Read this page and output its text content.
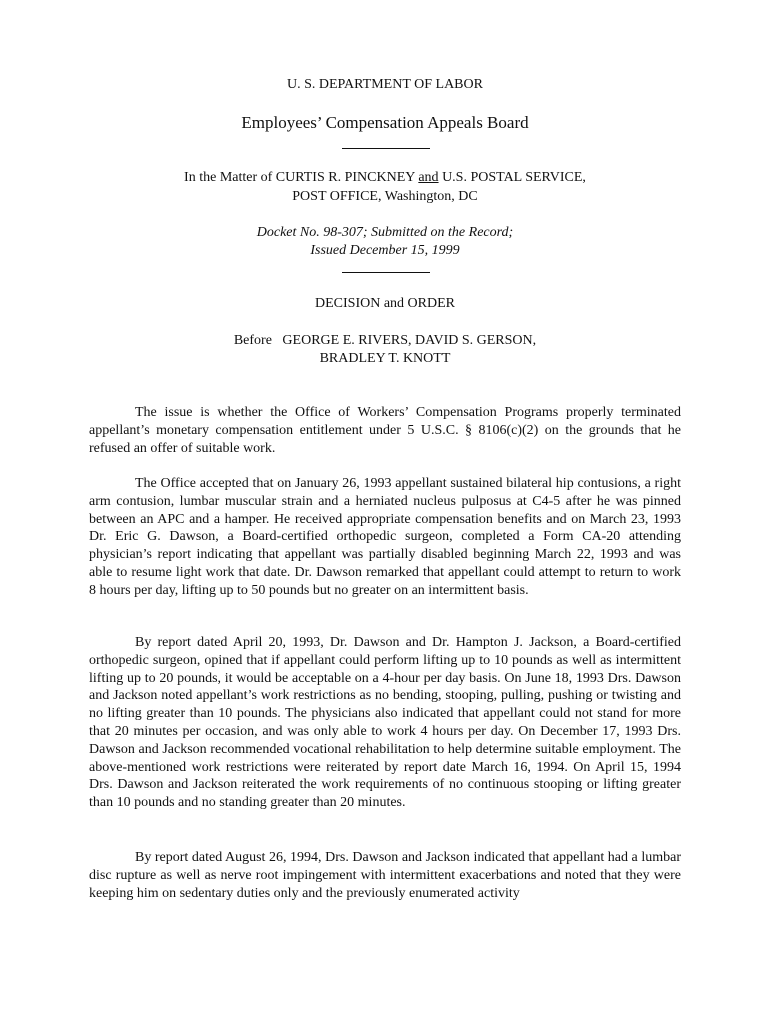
U. S. DEPARTMENT OF LABOR

Employees’ Compensation Appeals Board

In the Matter of CURTIS R. PINCKNEY and U.S. POSTAL SERVICE,

POST OFFICE, Washington, DC

Docket No. 98-307; Submitted on the Record;

Issued December 15, 1999

DECISION and ORDER

Before   GEORGE E. RIVERS, DAVID S. GERSON,

BRADLEY T. KNOTT

The issue is whether the Office of Workers’ Compensation Programs properly terminated appellant’s monetary compensation entitlement under 5 U.S.C. § 8106(c)(2) on the grounds that he refused an offer of suitable work.

The Office accepted that on January 26, 1993 appellant sustained bilateral hip contusions, a right arm contusion, lumbar muscular strain and a herniated nucleus pulposus at C4-5 after he was pinned between an APC and a hamper. He received appropriate compensation benefits and on March 23, 1993 Dr. Eric G. Dawson, a Board-certified orthopedic surgeon, completed a Form CA-20 attending physician’s report indicating that appellant was partially disabled beginning March 22, 1993 and was able to resume light work that date. Dr. Dawson remarked that appellant could attempt to return to work 8 hours per day, lifting up to 50 pounds but no greater on an intermittent basis.

By report dated April 20, 1993, Dr. Dawson and Dr. Hampton J. Jackson, a Board-certified orthopedic surgeon, opined that if appellant could perform lifting up to 10 pounds as well as intermittent lifting up to 20 pounds, it would be acceptable on a 4-hour per day basis. On June 18, 1993 Drs. Dawson and Jackson noted appellant’s work restrictions as no bending, stooping, pulling, pushing or twisting and no lifting greater than 10 pounds. The physicians also indicated that appellant could not stand for more that 20 minutes per occasion, and was only able to work 4 hours per day. On December 17, 1993 Drs. Dawson and Jackson recommended vocational rehabilitation to help determine suitable employment. The above-mentioned work restrictions were reiterated by report date March 16, 1994. On April 15, 1994 Drs. Dawson and Jackson reiterated the work requirements of no continuous stooping or lifting greater than 10 pounds and no standing greater than 20 minutes.

By report dated August 26, 1994, Drs. Dawson and Jackson indicated that appellant had a lumbar disc rupture as well as nerve root impingement with intermittent exacerbations and noted that they were keeping him on sedentary duties only and the previously enumerated activity
